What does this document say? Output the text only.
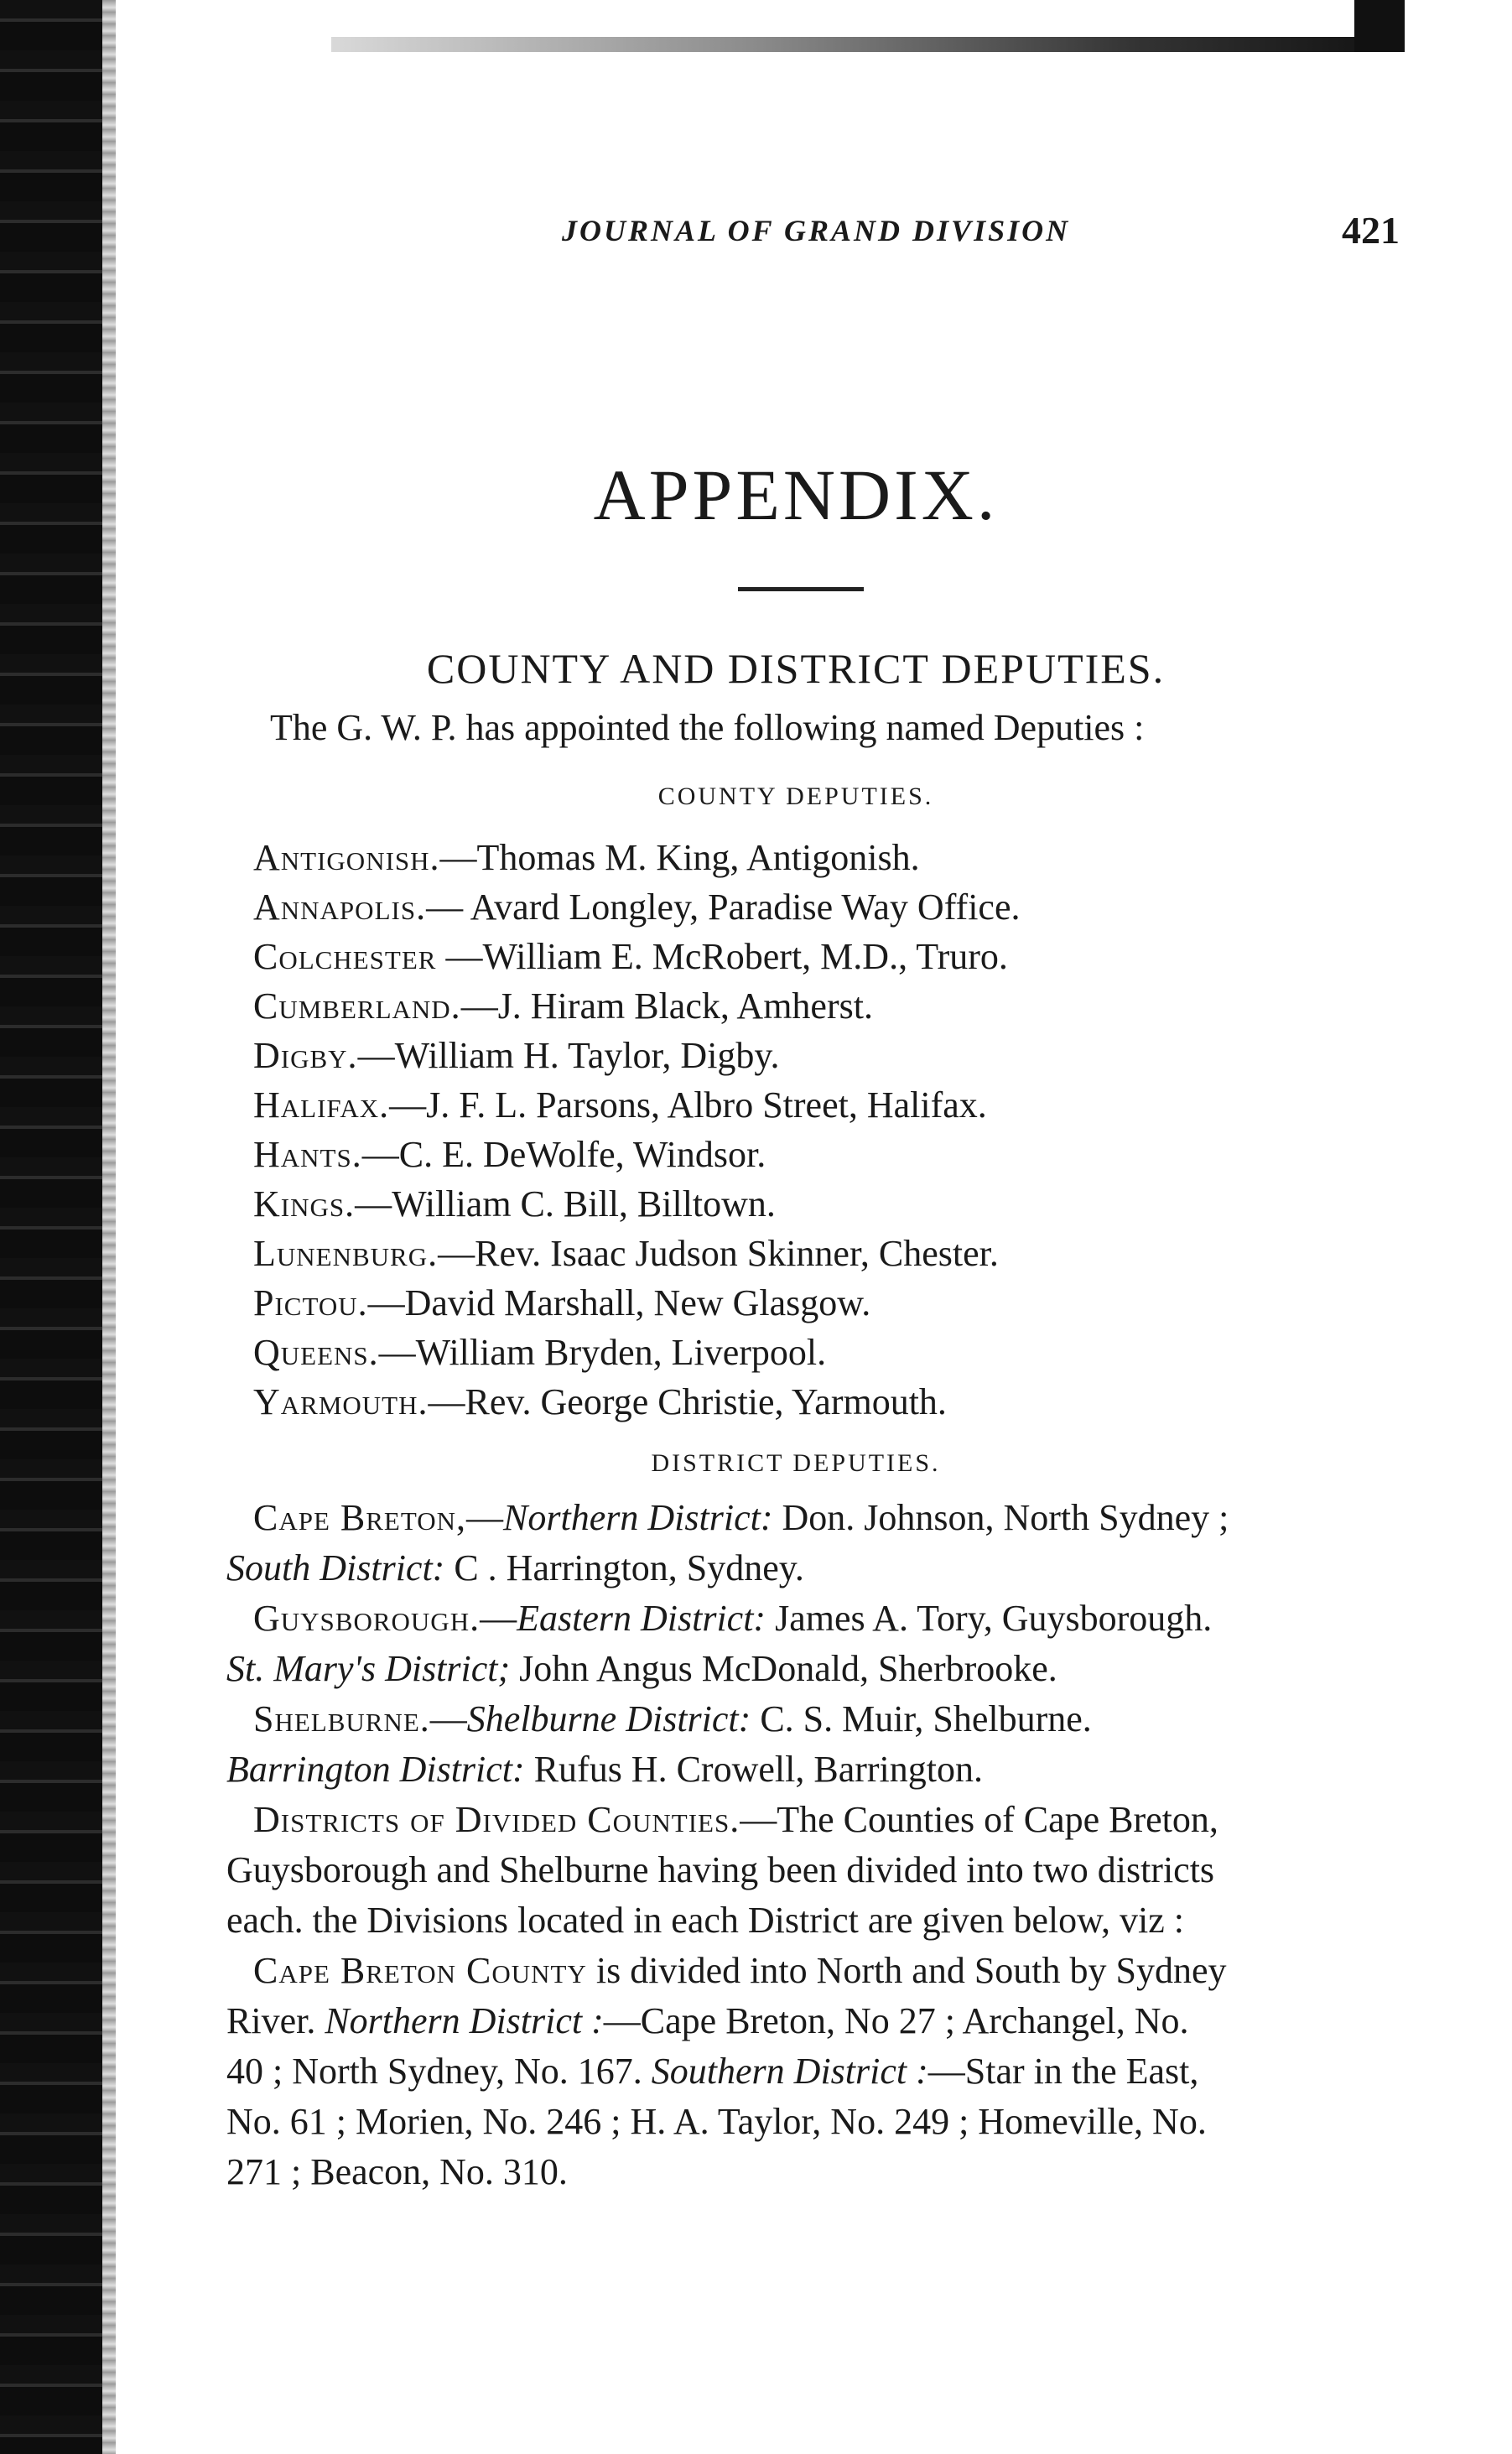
JOURNAL OF GRAND DIVISION	421
APPENDIX.
COUNTY AND DISTRICT DEPUTIES.
The G. W. P. has appointed the following named Deputies :
COUNTY DEPUTIES.
Antigonish.—Thomas M. King, Antigonish.
Annapolis.— Avard Longley, Paradise Way Office.
Colchester —William E. McRobert, M.D., Truro.
Cumberland.—J. Hiram Black, Amherst.
Digby.—William H. Taylor, Digby.
Halifax.—J. F. L. Parsons, Albro Street, Halifax.
Hants.—C. E. DeWolfe, Windsor.
Kings.—William C. Bill, Billtown.
Lunenburg.—Rev. Isaac Judson Skinner, Chester.
Pictou.—David Marshall, New Glasgow.
Queens.—William Bryden, Liverpool.
Yarmouth.—Rev. George Christie, Yarmouth.
DISTRICT DEPUTIES.

Cape Breton,—Northern District: Don. Johnson, North Sydney ;

South District: C . Harrington, Sydney.

Guysborough.—Eastern District: James A. Tory, Guysborough.

St. Mary's District; John Angus McDonald, Sherbrooke.

Shelburne.—Shelburne District: C. S. Muir, Shelburne.

Barrington District: Rufus H. Crowell, Barrington.

Districts of Divided Counties.—The Counties of Cape Breton,

Guysborough and Shelburne having been divided into two districts

each. the Divisions located in each District are given below, viz :

Cape Breton County is divided into North and South by Sydney

River. Northern District :—Cape Breton, No 27 ; Archangel, No.

40 ; North Sydney, No. 167. Southern District :—Star in the East,

No. 61 ; Morien, No. 246 ; H. A. Taylor, No. 249 ; Homeville, No.

271 ; Beacon, No. 310.
